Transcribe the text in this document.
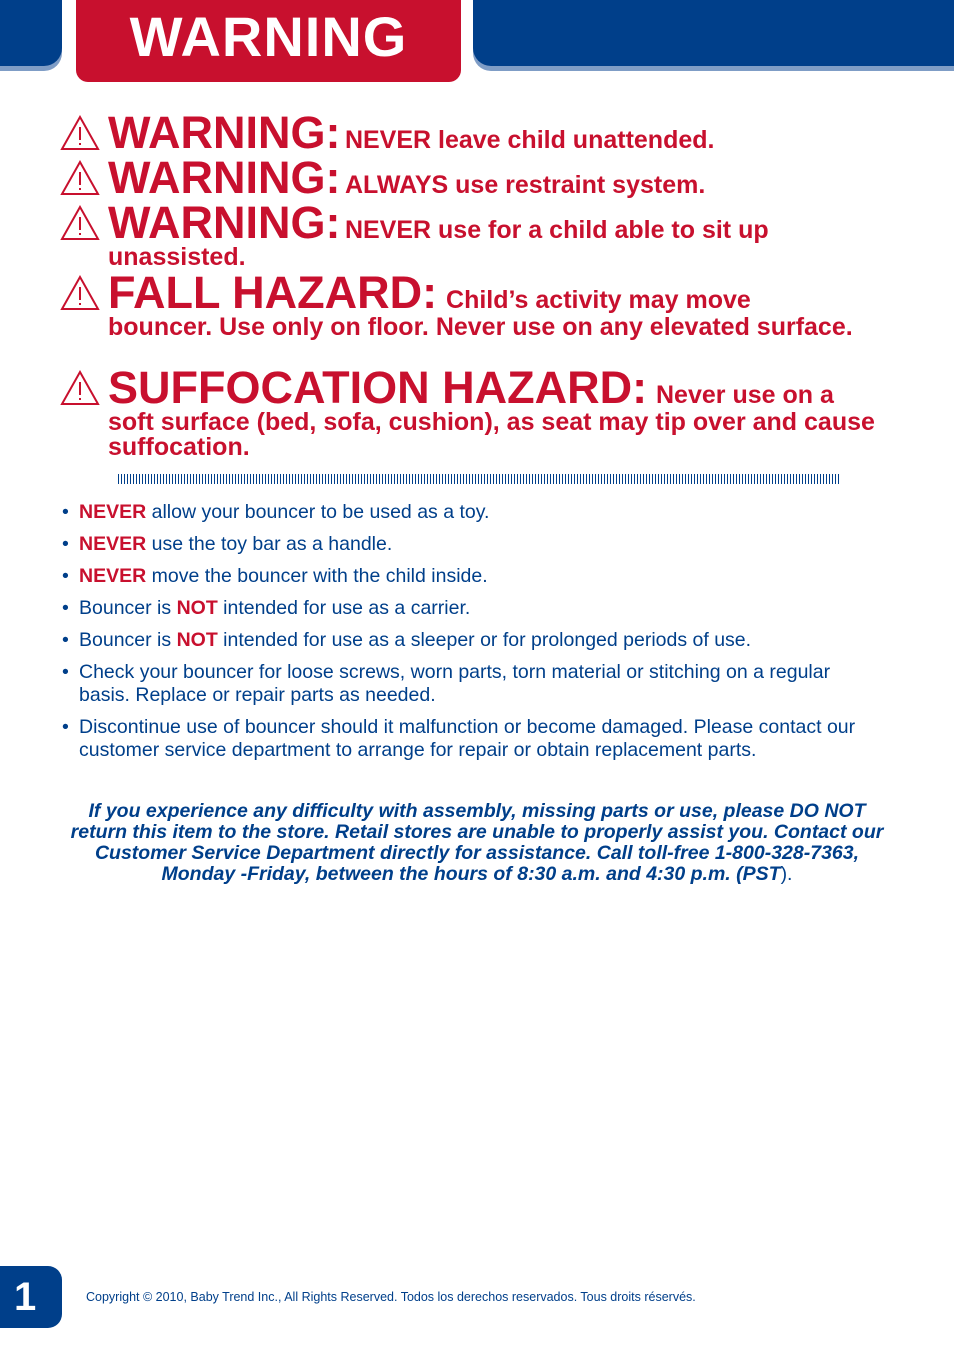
WARNING
WARNING: NEVER leave child unattended.
WARNING: ALWAYS use restraint system.
WARNING: NEVER use for a child able to sit up
unassisted.
FALL HAZARD: Child’s activity may move
bouncer. Use only on floor. Never use on any elevated surface.
SUFFOCATION HAZARD: Never use on a
soft surface (bed, sofa, cushion), as seat may tip over and cause suffocation.
• NEVER allow your bouncer to be used as a toy.
• NEVER use the toy bar as a handle.
• NEVER move the bouncer with the child inside.
• Bouncer is NOT intended for use as a carrier.
• Bouncer is NOT intended for use as a sleeper or for prolonged periods of use.
• Check your bouncer for loose screws, worn parts, torn material or stitching on a regular basis. Replace or repair parts as needed.
• Discontinue use of bouncer should it malfunction or become damaged. Please contact our customer service department to arrange for repair or obtain replacement parts.
If you experience any difficulty with assembly, missing parts or use, please DO NOT return this item to the store. Retail stores are unable to properly assist you. Contact our Customer Service Department directly for assistance. Call toll-free 1-800-328-7363, Monday -Friday, between the hours of 8:30 a.m. and 4:30 p.m. (PST).
1	Copyright © 2010, Baby Trend Inc., All Rights Reserved. Todos los derechos reservados. Tous droits réservés.
